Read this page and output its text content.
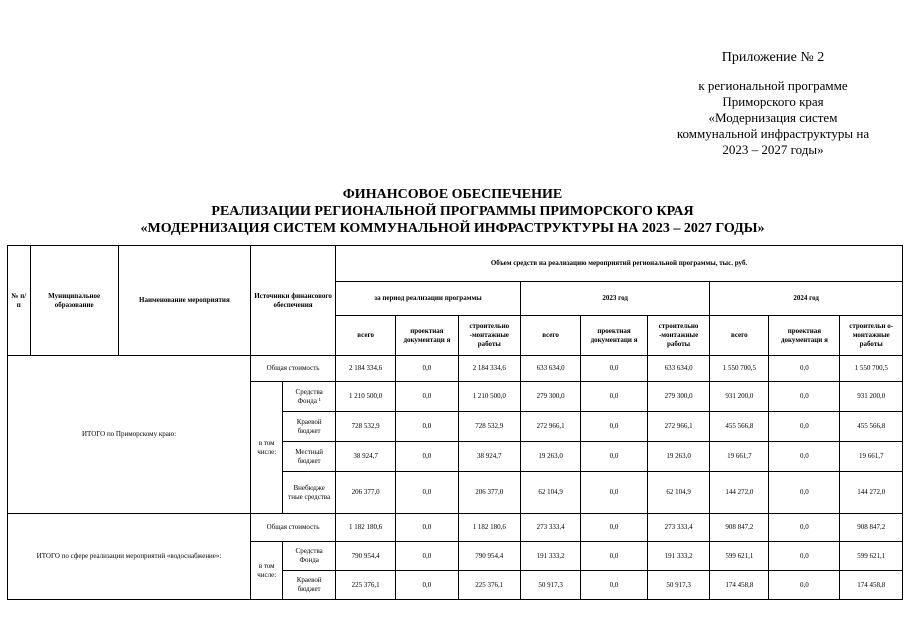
Приложение № 2
к региональной программе
Приморского края
«Модернизация систем
коммунальной инфраструктуры на
2023 – 2027 годы»
ФИНАНСОВОЕ ОБЕСПЕЧЕНИЕ
РЕАЛИЗАЦИИ РЕГИОНАЛЬНОЙ ПРОГРАММЫ ПРИМОРСКОГО КРАЯ
«МОДЕРНИЗАЦИЯ СИСТЕМ КОММУНАЛЬНОЙ ИНФРАСТРУКТУРЫ НА 2023 – 2027 ГОДЫ»
№ п/п	Муниципальное образование	Наименование мероприятия	Источники финансового обеспечения		Объем средств на реализацию мероприятий региональной программы, тыс. руб.								
					за период реализации программы			2023 год			2024 год		
					всего	проектная документаци я	строительно -монтажные работы	всего	проектная документаци я	строительно -монтажные работы	всего	проектная документаци я	строительн о- монтажные работы
ИТОГО по Приморскому краю:			Общая стоимость		2 184 334,6	0,0	2 184 334,6	633 634,0	0,0	633 634,0	1 550 700,5	0,0	1 550 700,5
			в том числе:	Средства Фонда ¹	1 210 500,0	0,0	1 210 500,0	279 300,0	0,0	279 300,0	931 200,0	0,0	931 200,0
				Краевой бюджет	728 532,9	0,0	728 532,9	272 966,1	0,0	272 966,1	455 566,8	0,0	455 566,8
				Местный бюджет	38 924,7	0,0	38 924,7	19 263,0	0,0	19 263,0	19 661,7	0,0	19 661,7
				Внебюдже тные средства	206 377,0	0,0	206 377,0	62 104,9	0,0	62 104,9	144 272,0	0,0	144 272,0
ИТОГО по сфере реализации мероприятий «водоснабжение»:			Общая стоимость		1 182 180,6	0,0	1 182 180,6	273 333,4	0,0	273 333,4	908 847,2	0,0	908 847,2
			в том числе:	Средства Фонда	790 954,4	0,0	790 954,4	191 333,2	0,0	191 333,2	599 621,1	0,0	599 621,1
				Краевой бюджет	225 376,1	0,0	225 376,1	50 917,3	0,0	50 917,3	174 458,8	0,0	174 458,8
